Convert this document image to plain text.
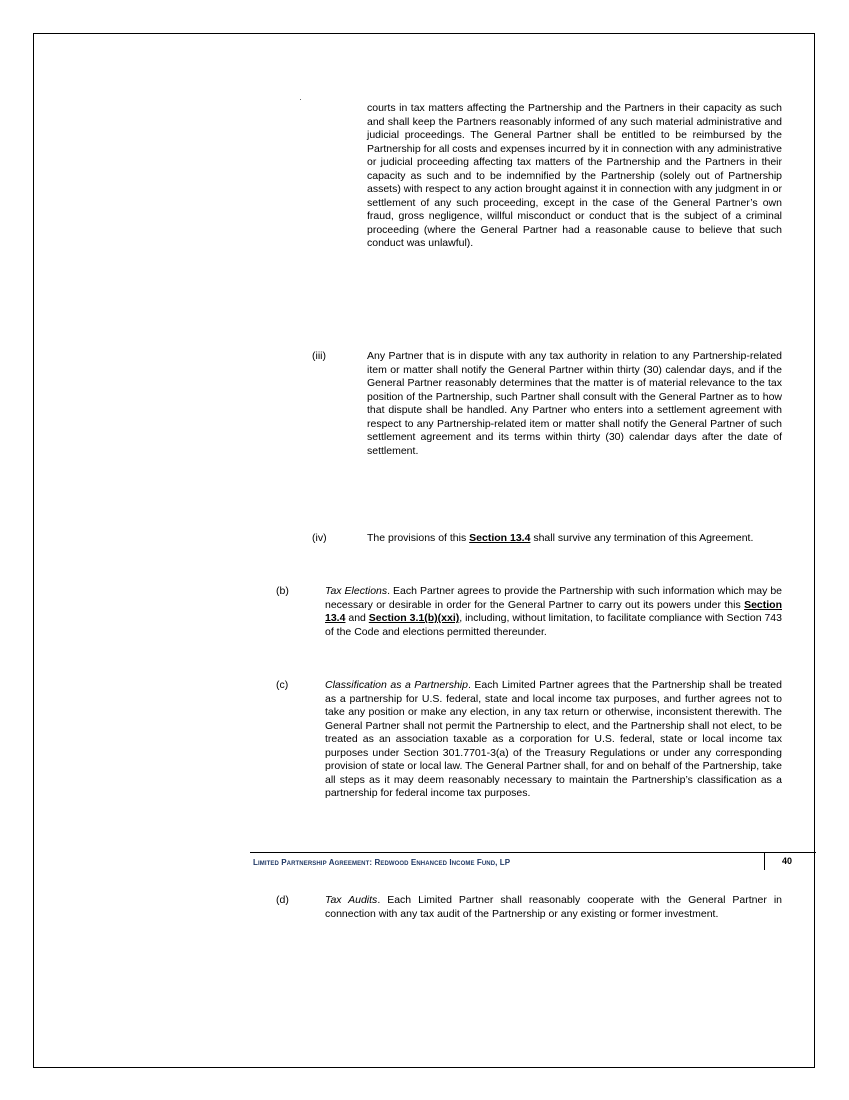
courts in tax matters affecting the Partnership and the Partners in their capacity as such and shall keep the Partners reasonably informed of any such material administrative and judicial proceedings. The General Partner shall be entitled to be reimbursed by the Partnership for all costs and expenses incurred by it in connection with any administrative or judicial proceeding affecting tax matters of the Partnership and the Partners in their capacity as such and to be indemnified by the Partnership (solely out of Partnership assets) with respect to any action brought against it in connection with any judgment in or settlement of any such proceeding, except in the case of the General Partner’s own fraud, gross negligence, willful misconduct or conduct that is the subject of a criminal proceeding (where the General Partner had a reasonable cause to believe that such conduct was unlawful).

(iii)	Any Partner that is in dispute with any tax authority in relation to any Partnership-related item or matter shall notify the General Partner within thirty (30) calendar days, and if the General Partner reasonably determines that the matter is of material relevance to the tax position of the Partnership, such Partner shall consult with the General Partner as to how that dispute shall be handled. Any Partner who enters into a settlement agreement with respect to any Partnership-related item or matter shall notify the General Partner of such settlement agreement and its terms within thirty (30) calendar days after the date of settlement.

(iv)	The provisions of this Section 13.4 shall survive any termination of this Agreement.

(b)	Tax Elections. Each Partner agrees to provide the Partnership with such information which may be necessary or desirable in order for the General Partner to carry out its powers under this Section 13.4 and Section 3.1(b)(xxi), including, without limitation, to facilitate compliance with Section 743 of the Code and elections permitted thereunder.

(c)	Classification as a Partnership. Each Limited Partner agrees that the Partnership shall be treated as a partnership for U.S. federal, state and local income tax purposes, and further agrees not to take any position or make any election, in any tax return or otherwise, inconsistent therewith. The General Partner shall not permit the Partnership to elect, and the Partnership shall not elect, to be treated as an association taxable as a corporation for U.S. federal, state or local income tax purposes under Section 301.7701-3(a) of the Treasury Regulations or under any corresponding provision of state or local law. The General Partner shall, for and on behalf of the Partnership, take all steps as it may deem reasonably necessary to maintain the Partnership’s classification as a partnership for federal income tax purposes.

(d)	Tax Audits. Each Limited Partner shall reasonably cooperate with the General Partner in connection with any tax audit of the Partnership or any existing or former investment.

Limited Partnership Agreement: Redwood Enhanced Income Fund, LP	40
